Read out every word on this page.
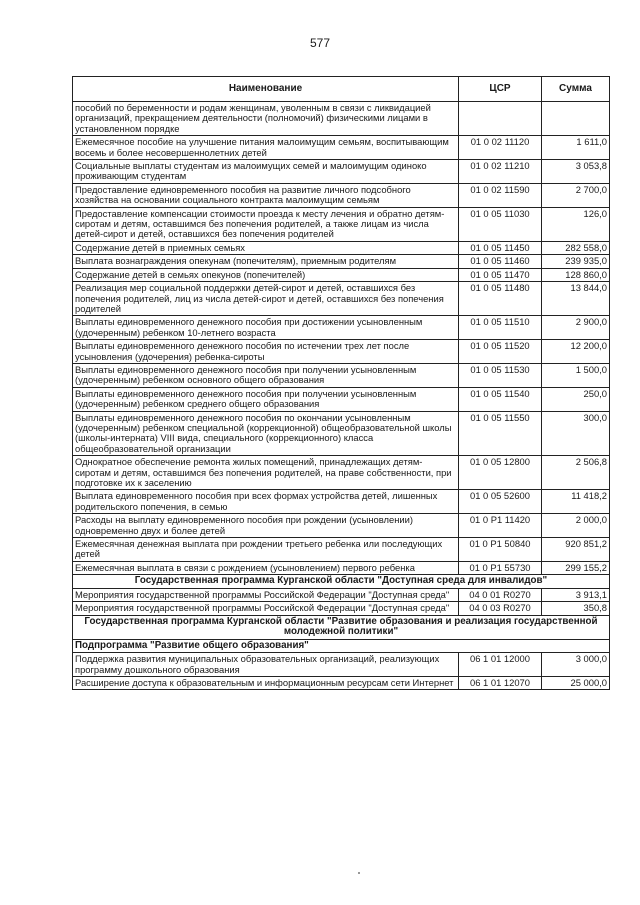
577
Наименование	ЦСР	Сумма
пособий по беременности и родам женщинам, уволенным в связи с ликвидацией организаций, прекращением деятельности (полномочий) физическими лицами в установленном порядке		
Ежемесячное пособие на улучшение питания малоимущим семьям, воспитывающим восемь и более несовершеннолетних детей	01 0 02 11120	1 611,0
Социальные выплаты студентам из малоимущих семей и малоимущим одиноко проживающим студентам	01 0 02 11210	3 053,8
Предоставление единовременного пособия на развитие личного подсобного хозяйства на основании социального контракта малоимущим семьям	01 0 02 11590	2 700,0
Предоставление компенсации стоимости проезда к месту лечения и обратно детям-сиротам и детям, оставшимся без попечения родителей, а также лицам из числа детей-сирот и детей, оставшихся без попечения родителей	01 0 05 11030	126,0
Содержание детей в приемных семьях	01 0 05 11450	282 558,0
Выплата вознаграждения опекунам (попечителям), приемным родителям	01 0 05 11460	239 935,0
Содержание детей в семьях опекунов (попечителей)	01 0 05 11470	128 860,0
Реализация мер социальной поддержки детей-сирот и детей, оставшихся без попечения родителей, лиц из числа детей-сирот и детей, оставшихся без попечения родителей	01 0 05 11480	13 844,0
Выплаты единовременного денежного пособия при достижении усыновленным (удочеренным) ребенком 10-летнего возраста	01 0 05 11510	2 900,0
Выплаты единовременного денежного пособия по истечении трех лет после усыновления (удочерения) ребенка-сироты	01 0 05 11520	12 200,0
Выплаты единовременного денежного пособия при получении усыновленным (удочеренным) ребенком основного общего образования	01 0 05 11530	1 500,0
Выплаты единовременного денежного пособия при получении усыновленным (удочеренным) ребенком среднего общего образования	01 0 05 11540	250,0
Выплаты единовременного денежного пособия по окончании усыновленным (удочеренным) ребенком специальной (коррекционной) общеобразовательной школы (школы-интерната) VIII вида, специального (коррекционного) класса общеобразовательной организации	01 0 05 11550	300,0
Однократное обеспечение ремонта жилых помещений, принадлежащих детям-сиротам и детям, оставшимся без попечения родителей, на праве собственности, при подготовке их к заселению	01 0 05 12800	2 506,8
Выплата единовременного пособия при всех формах устройства детей, лишенных родительского попечения, в семью	01 0 05 52600	11 418,2
Расходы на выплату единовременного пособия при рождении (усыновлении) одновременно двух и более детей	01 0 P1 11420	2 000,0
Ежемесячная денежная выплата при рождении третьего ребенка или последующих детей	01 0 P1 50840	920 851,2
Ежемесячная выплата в связи с рождением (усыновлением) первого ребенка	01 0 P1 55730	299 155,2
Государственная программа Курганской области "Доступная среда для инвалидов"		
Мероприятия государственной программы Российской Федерации "Доступная среда"	04 0 01 R0270	3 913,1
Мероприятия государственной программы Российской Федерации "Доступная среда"	04 0 03 R0270	350,8
Государственная программа Курганской области "Развитие образования и реализация государственной молодежной политики"		
Подпрограмма "Развитие общего образования"		
Поддержка развития муниципальных образовательных организаций, реализующих программу дошкольного образования	06 1 01 12000	3 000,0
Расширение доступа к образовательным и информационным ресурсам сети Интернет	06 1 01 12070	25 000,0
